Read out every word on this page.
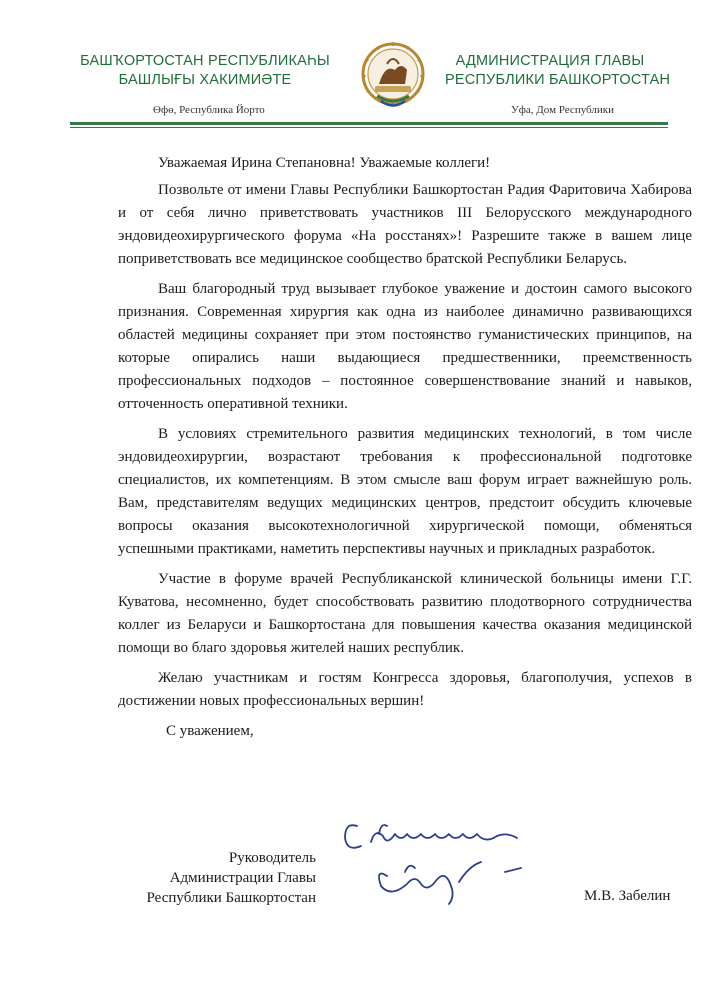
БАШҠОРТОСТАН РЕСПУБЛИКАҺЫ
БАШЛЫҒЫ ХАКИМИӘТЕ
Өфө, Республика Йорто
АДМИНИСТРАЦИЯ ГЛАВЫ
РЕСПУБЛИКИ БАШКОРТОСТАН
Уфа, Дом Республики

Уважаемая Ирина Степановна! Уважаемые коллеги!

Позвольте от имени Главы Республики Башкортостан Радия Фаритовича Хабирова и от себя лично приветствовать участников III Белорусского международного эндовидеохирургического форума «На росстанях»! Разрешите также в вашем лице поприветствовать все медицинское сообщество братской Республики Беларусь.

Ваш благородный труд вызывает глубокое уважение и достоин самого высокого признания. Современная хирургия как одна из наиболее динамично развивающихся областей медицины сохраняет при этом постоянство гуманистических принципов, на которые опирались наши выдающиеся предшественники, преемственность профессиональных подходов – постоянное совершенствование знаний и навыков, отточенность оперативной техники.

В условиях стремительного развития медицинских технологий, в том числе эндовидеохирургии, возрастают требования к профессиональной подготовке специалистов, их компетенциям. В этом смысле ваш форум играет важнейшую роль. Вам, представителям ведущих медицинских центров, предстоит обсудить ключевые вопросы оказания высокотехнологичной хирургической помощи, обменяться успешными практиками, наметить перспективы научных и прикладных разработок.

Участие в форуме врачей Республиканской клинической больницы имени Г.Г. Куватова, несомненно, будет способствовать развитию плодотворного сотрудничества коллег из Беларуси и Башкортостана для повышения качества оказания медицинской помощи во благо здоровья жителей наших республик.

Желаю участникам и гостям Конгресса здоровья, благополучия, успехов в достижении новых профессиональных вершин!

С уважением,

Руководитель
Администрации Главы
Республики Башкортостан	М.В. Забелин
